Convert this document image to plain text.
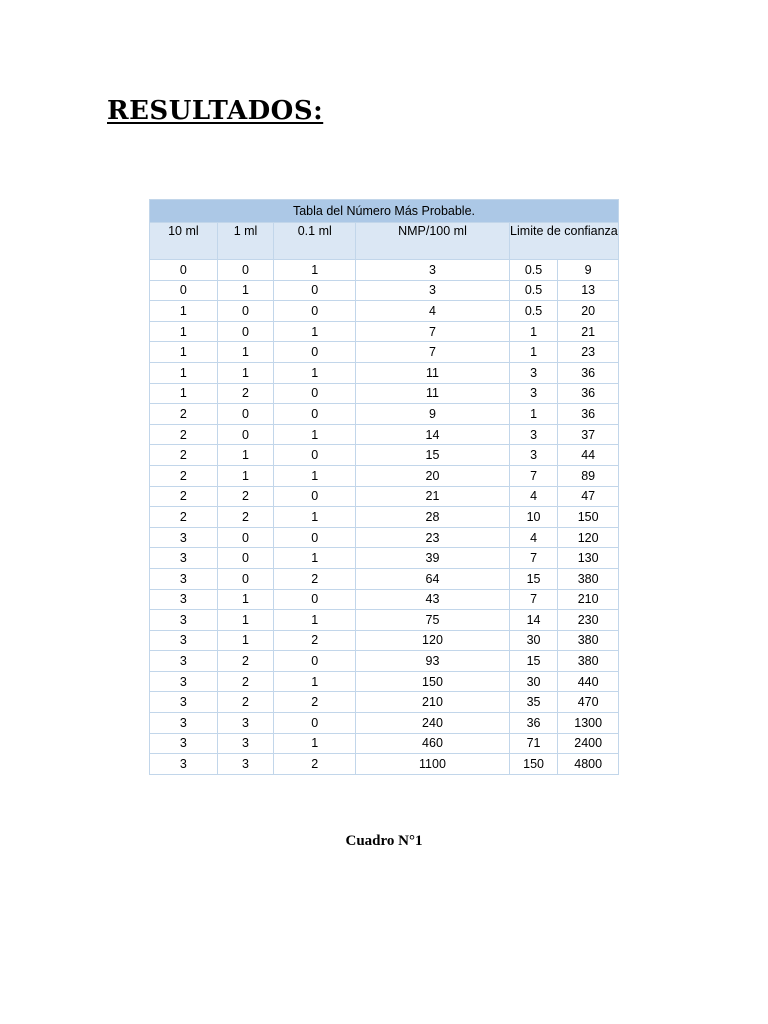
RESULTADOS:
Tabla del Número Más Probable.					
10 ml	1 ml	0.1 ml	NMP/100 ml	Limite de confianza	
0	0	1	3	0.5	9
0	1	0	3	0.5	13
1	0	0	4	0.5	20
1	0	1	7	1	21
1	1	0	7	1	23
1	1	1	11	3	36
1	2	0	11	3	36
2	0	0	9	1	36
2	0	1	14	3	37
2	1	0	15	3	44
2	1	1	20	7	89
2	2	0	21	4	47
2	2	1	28	10	150
3	0	0	23	4	120
3	0	1	39	7	130
3	0	2	64	15	380
3	1	0	43	7	210
3	1	1	75	14	230
3	1	2	120	30	380
3	2	0	93	15	380
3	2	1	150	30	440
3	2	2	210	35	470
3	3	0	240	36	1300
3	3	1	460	71	2400
3	3	2	1100	150	4800

Cuadro N°1
